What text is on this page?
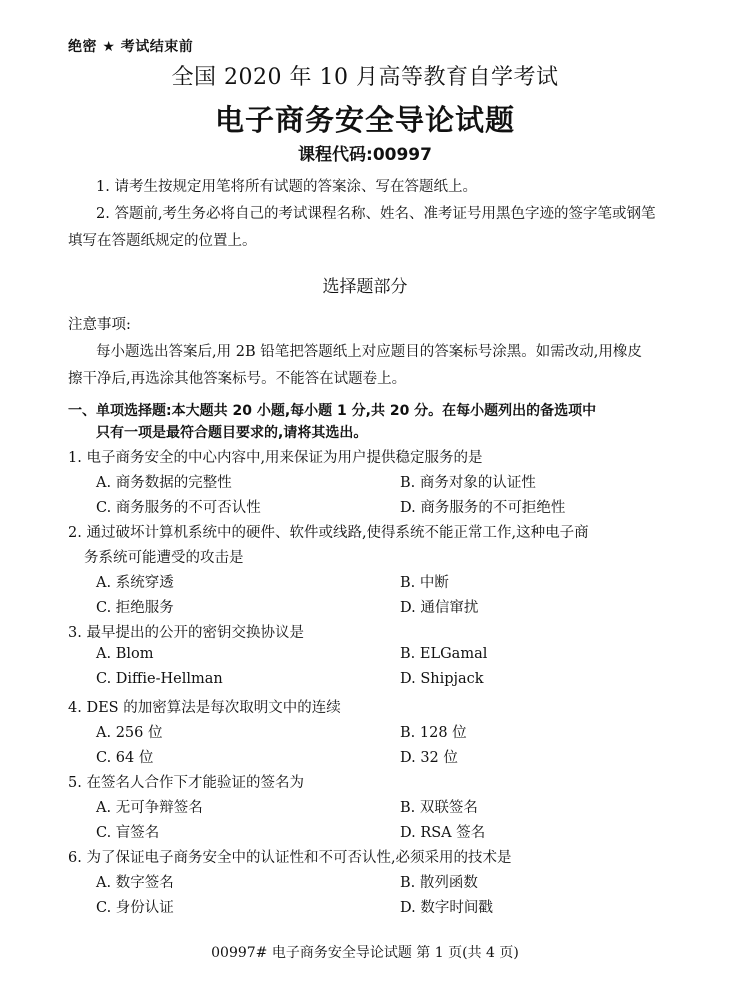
绝密 ★ 考试结束前
全国 2020 年 10 月高等教育自学考试
电子商务安全导论试题
课程代码:00997
1. 请考生按规定用笔将所有试题的答案涂、写在答题纸上。
2. 答题前,考生务必将自己的考试课程名称、姓名、准考证号用黑色字迹的签字笔或钢笔
填写在答题纸规定的位置上。
选择题部分
注意事项:
每小题选出答案后,用 2B 铅笔把答题纸上对应题目的答案标号涂黑。如需改动,用橡皮
擦干净后,再选涂其他答案标号。不能答在试题卷上。
一、单项选择题:本大题共 20 小题,每小题 1 分,共 20 分。在每小题列出的备选项中
只有一项是最符合题目要求的,请将其选出。
1. 电子商务安全的中心内容中,用来保证为用户提供稳定服务的是
A. 商务数据的完整性	B. 商务对象的认证性
C. 商务服务的不可否认性	D. 商务服务的不可拒绝性
2. 通过破坏计算机系统中的硬件、软件或线路,使得系统不能正常工作,这种电子商
务系统可能遭受的攻击是
A. 系统穿透	B. 中断
C. 拒绝服务	D. 通信窜扰
3. 最早提出的公开的密钥交换协议是
A. Blom	B. ELGamal
C. Diffie-Hellman	D. Shipjack
4. DES 的加密算法是每次取明文中的连续
A. 256 位	B. 128 位
C. 64 位	D. 32 位
5. 在签名人合作下才能验证的签名为
A. 无可争辩签名	B. 双联签名
C. 盲签名	D. RSA 签名
6. 为了保证电子商务安全中的认证性和不可否认性,必须采用的技术是
A. 数字签名	B. 散列函数
C. 身份认证	D. 数字时间戳
00997# 电子商务安全导论试题 第 1 页(共 4 页)
